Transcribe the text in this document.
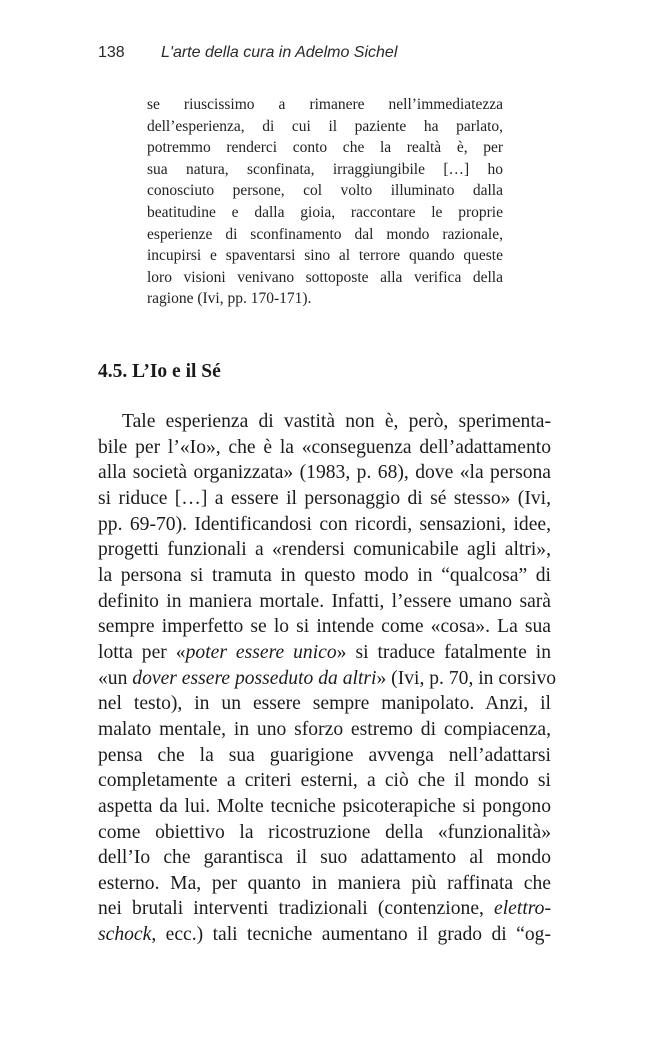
138 L'arte della cura in Adelmo Sichel
se riuscissimo a rimanere nell’immediatezza
dell’esperienza, di cui il paziente ha parlato,
potremmo renderci conto che la realtà è, per
sua natura, sconfinata, irraggiungibile […] ho
conosciuto persone, col volto illuminato dalla
beatitudine e dalla gioia, raccontare le proprie
esperienze di sconfinamento dal mondo razionale,
incupirsi e spaventarsi sino al terrore quando queste
loro visioni venivano sottoposte alla verifica della
ragione (Ivi, pp. 170-171).
4.5. L’Io e il Sé
Tale esperienza di vastità non è, però, sperimenta-
bile per l’«Io», che è la «conseguenza dell’adattamento
alla società organizzata» (1983, p. 68), dove «la persona
si riduce […] a essere il personaggio di sé stesso» (Ivi,
pp. 69-70). Identificandosi con ricordi, sensazioni, idee,
progetti funzionali a «rendersi comunicabile agli altri»,
la persona si tramuta in questo modo in “qualcosa” di
definito in maniera mortale. Infatti, l’essere umano sarà
sempre imperfetto se lo si intende come «cosa». La sua
lotta per «poter essere unico» si traduce fatalmente in
«un dover essere posseduto da altri» (Ivi, p. 70, in corsivo
nel testo), in un essere sempre manipolato. Anzi, il
malato mentale, in uno sforzo estremo di compiacenza,
pensa che la sua guarigione avvenga nell’adattarsi
completamente a criteri esterni, a ciò che il mondo si
aspetta da lui. Molte tecniche psicoterapiche si pongono
come obiettivo la ricostruzione della «funzionalità»
dell’Io che garantisca il suo adattamento al mondo
esterno. Ma, per quanto in maniera più raffinata che
nei brutali interventi tradizionali (contenzione, elettro-
schock, ecc.) tali tecniche aumentano il grado di “og-
